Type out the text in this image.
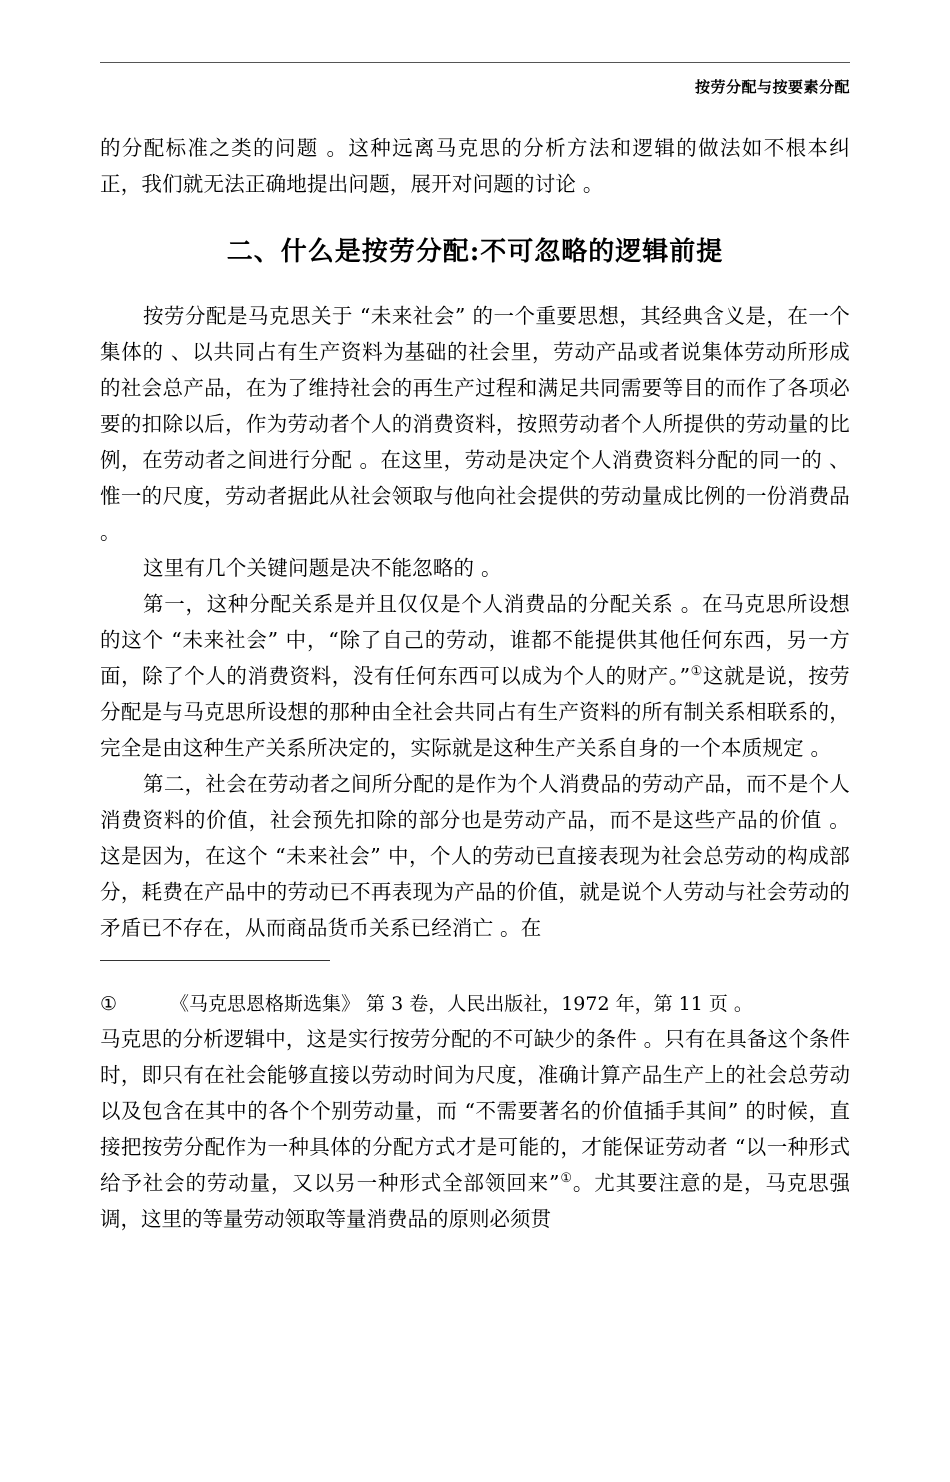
按劳分配与按要素分配

的分配标准之类的问题 。这种远离马克思的分析方法和逻辑的做法如不根本纠正，我们就无法正确地提出问题，展开对问题的讨论 。

二、什么是按劳分配:不可忽略的逻辑前提

按劳分配是马克思关于 “未来社会” 的一个重要思想，其经典含义是，在一个集体的 、以共同占有生产资料为基础的社会里，劳动产品或者说集体劳动所形成的社会总产品，在为了维持社会的再生产过程和满足共同需要等目的而作了各项必要的扣除以后，作为劳动者个人的消费资料，按照劳动者个人所提供的劳动量的比例，在劳动者之间进行分配 。在这里，劳动是决定个人消费资料分配的同一的 、惟一的尺度，劳动者据此从社会领取与他向社会提供的劳动量成比例的一份消费品 。

这里有几个关键问题是决不能忽略的 。

第一，这种分配关系是并且仅仅是个人消费品的分配关系 。在马克思所设想的这个 “未来社会” 中，“除了自己的劳动，谁都不能提供其他任何东西，另一方面，除了个人的消费资料，没有任何东西可以成为个人的财产。”①这就是说，按劳分配是与马克思所设想的那种由全社会共同占有生产资料的所有制关系相联系的，完全是由这种生产关系所决定的，实际就是这种生产关系自身的一个本质规定 。

第二，社会在劳动者之间所分配的是作为个人消费品的劳动产品，而不是个人消费资料的价值，社会预先扣除的部分也是劳动产品，而不是这些产品的价值 。这是因为，在这个 “未来社会” 中，个人的劳动已直接表现为社会总劳动的构成部分，耗费在产品中的劳动已不再表现为产品的价值，就是说个人劳动与社会劳动的矛盾已不存在，从而商品货币关系已经消亡 。在

①	《马克思恩格斯选集》 第 3 卷，人民出版社，1972 年，第 11 页 。
马克思的分析逻辑中，这是实行按劳分配的不可缺少的条件 。只有在具备这个条件时，即只有在社会能够直接以劳动时间为尺度，准确计算产品生产上的社会总劳动以及包含在其中的各个个别劳动量，而 “不需要著名的价值插手其间” 的时候，直接把按劳分配作为一种具体的分配方式才是可能的，才能保证劳动者 “以一种形式给予社会的劳动量，又以另一种形式全部领回来”①。尤其要注意的是，马克思强调，这里的等量劳动领取等量消费品的原则必须贯
